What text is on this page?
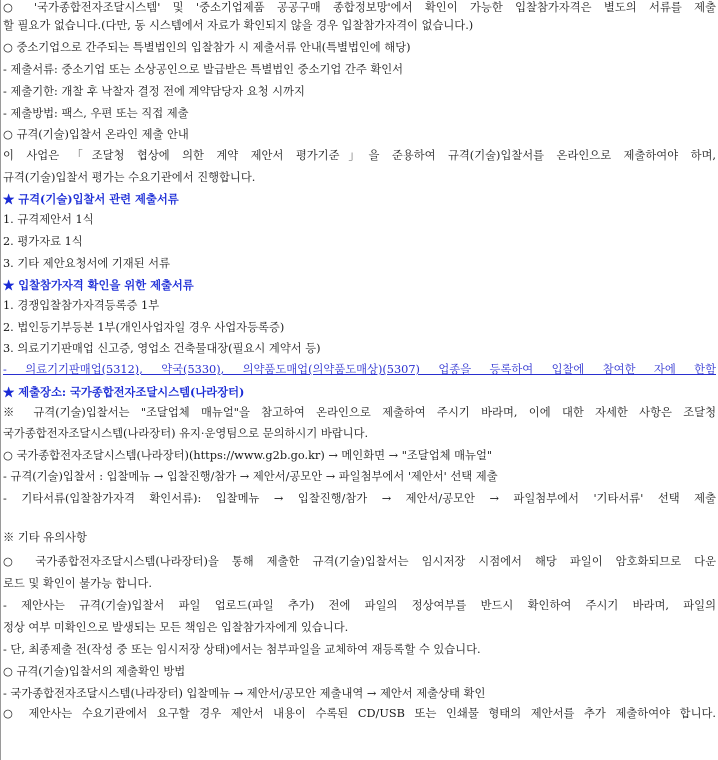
○ '국가종합전자조달시스템' 및 '중소기업제품 공공구매 종합정보망'에서 확인이 가능한 입찰참가자격은 별도의 서류를 제출
할 필요가 없습니다.(다만, 동 시스템에서 자료가 확인되지 않을 경우 입찰참가자격이 없습니다.)
○ 중소기업으로 간주되는 특별법인의 입찰참가 시 제출서류 안내(특별법인에 해당)
- 제출서류: 중소기업 또는 소상공인으로 발급받은 특별법인 중소기업 간주 확인서
- 제출기한: 개찰 후 낙찰자 결정 전에 계약담당자 요청 시까지
- 제출방법: 팩스, 우편 또는 직접 제출
○ 규격(기술)입찰서 온라인 제출 안내
이 사업은 「조달청 협상에 의한 계약 제안서 평가기준」을 준용하여 규격(기술)입찰서를 온라인으로 제출하여야 하며,
규격(기술)입찰서 평가는 수요기관에서 진행합니다.
★ 규격(기술)입찰서 관련 제출서류
1. 규격제안서 1식
2. 평가자료 1식
3. 기타 제안요청서에 기재된 서류
★ 입찰참가자격 확인을 위한 제출서류
1. 경쟁입찰참가자격등록증 1부
2. 법인등기부등본 1부(개인사업자일 경우 사업자등록증)
3. 의료기기판매업 신고증, 영업소 건축물대장(필요시 계약서 등)
- 의료기기판매업(5312), 약국(5330), 의약품도매업(의약품도매상)(5307) 업종을 등록하여 입찰에 참여한 자에 한함
★ 제출장소: 국가종합전자조달시스템(나라장터)
※ 규격(기술)입찰서는 "조달업체 매뉴얼"을 참고하여 온라인으로 제출하여 주시기 바라며, 이에 대한 자세한 사항은 조달청
국가종합전자조달시스템(나라장터) 유지·운영팀으로 문의하시기 바랍니다.
○ 국가종합전자조달시스템(나라장터)(https://www.g2b.go.kr) → 메인화면 → "조달업체 매뉴얼"
- 규격(기술)입찰서 : 입찰메뉴 → 입찰진행/참가 → 제안서/공모안 → 파일첨부에서 '제안서' 선택 제출
- 기타서류(입찰참가자격 확인서류): 입찰메뉴 → 입찰진행/참가 → 제안서/공모안 → 파일첨부에서 '기타서류' 선택 제출
※ 기타 유의사항
○ 국가종합전자조달시스템(나라장터)을 통해 제출한 규격(기술)입찰서는 임시저장 시점에서 해당 파일이 암호화되므로 다운
로드 및 확인이 불가능 합니다.
- 제안사는 규격(기술)입찰서 파일 업로드(파일 추가) 전에 파일의 정상여부를 반드시 확인하여 주시기 바라며, 파일의
정상 여부 미확인으로 발생되는 모든 책임은 입찰참가자에게 있습니다.
- 단, 최종제출 전(작성 중 또는 임시저장 상태)에서는 첨부파일을 교체하여 재등록할 수 있습니다.
○ 규격(기술)입찰서의 제출확인 방법
- 국가종합전자조달시스템(나라장터) 입찰메뉴 → 제안서/공모안 제출내역 → 제안서 제출상태 확인
○ 제안사는 수요기관에서 요구할 경우 제안서 내용이 수록된 CD/USB 또는 인쇄물 형태의 제안서를 추가 제출하여야 합니다.
